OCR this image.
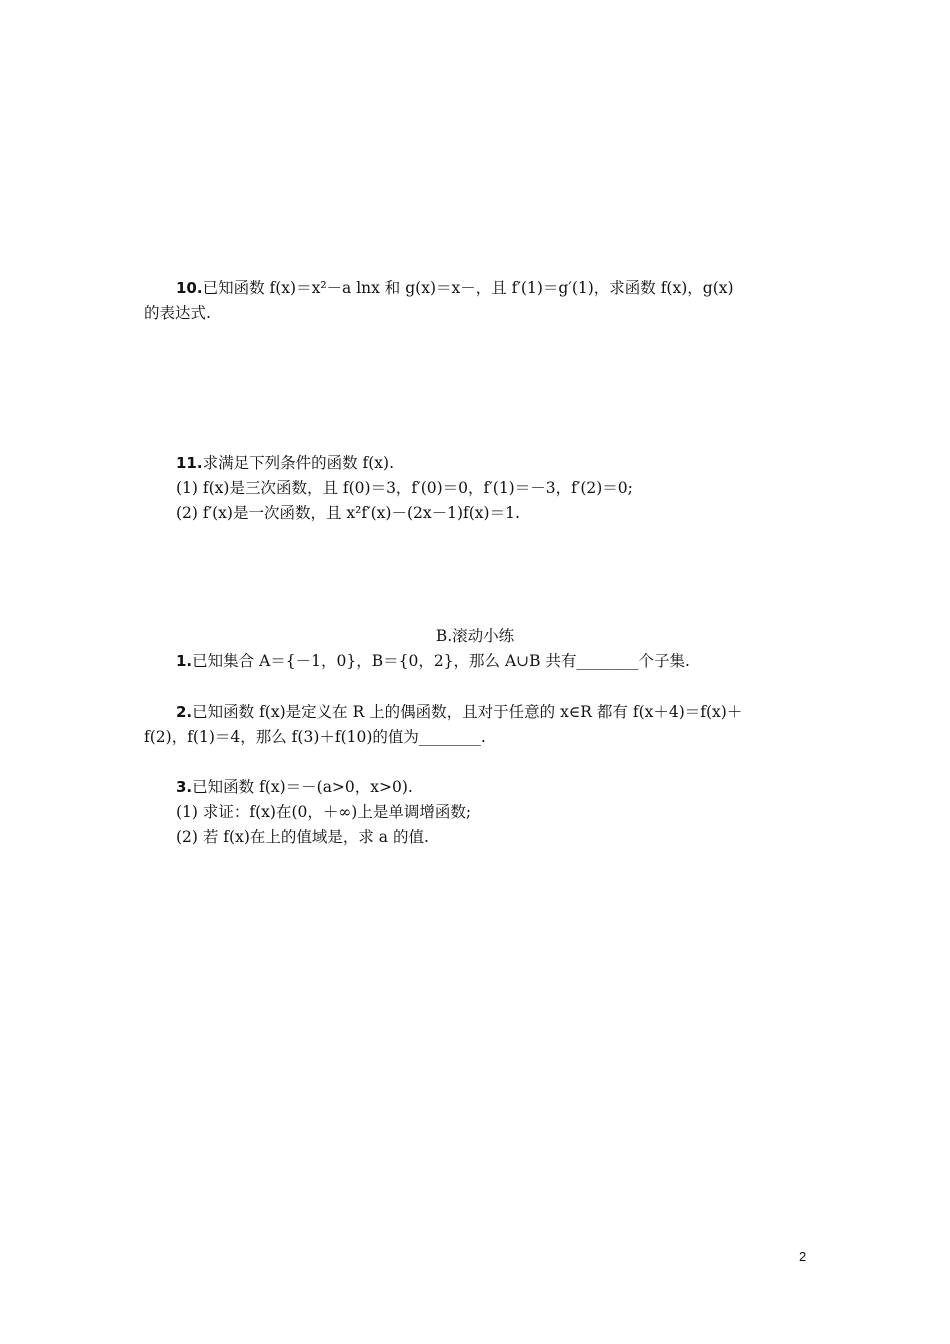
10.已知函数 f(x)＝x²－a lnx 和 g(x)＝x－，且 f′(1)＝g′(1)，求函数 f(x)，g(x)
的表达式.
11.求满足下列条件的函数 f(x).
(1) f(x)是三次函数，且 f(0)＝3，f′(0)＝0，f′(1)＝－3，f′(2)＝0;
(2) f′(x)是一次函数，且 x²f′(x)－(2x－1)f(x)＝1.
B.滚动小练
1.已知集合 A＝{－1，0}，B＝{0，2}，那么 A∪B 共有________个子集.
2.已知函数 f(x)是定义在 R 上的偶函数，且对于任意的 x∈R 都有 f(x＋4)＝f(x)＋
f(2)，f(1)＝4，那么 f(3)＋f(10)的值为________.
3.已知函数 f(x)＝－(a>0，x>0).
(1) 求证：f(x)在(0，＋∞)上是单调增函数;
(2) 若 f(x)在上的值域是，求 a 的值.
2
